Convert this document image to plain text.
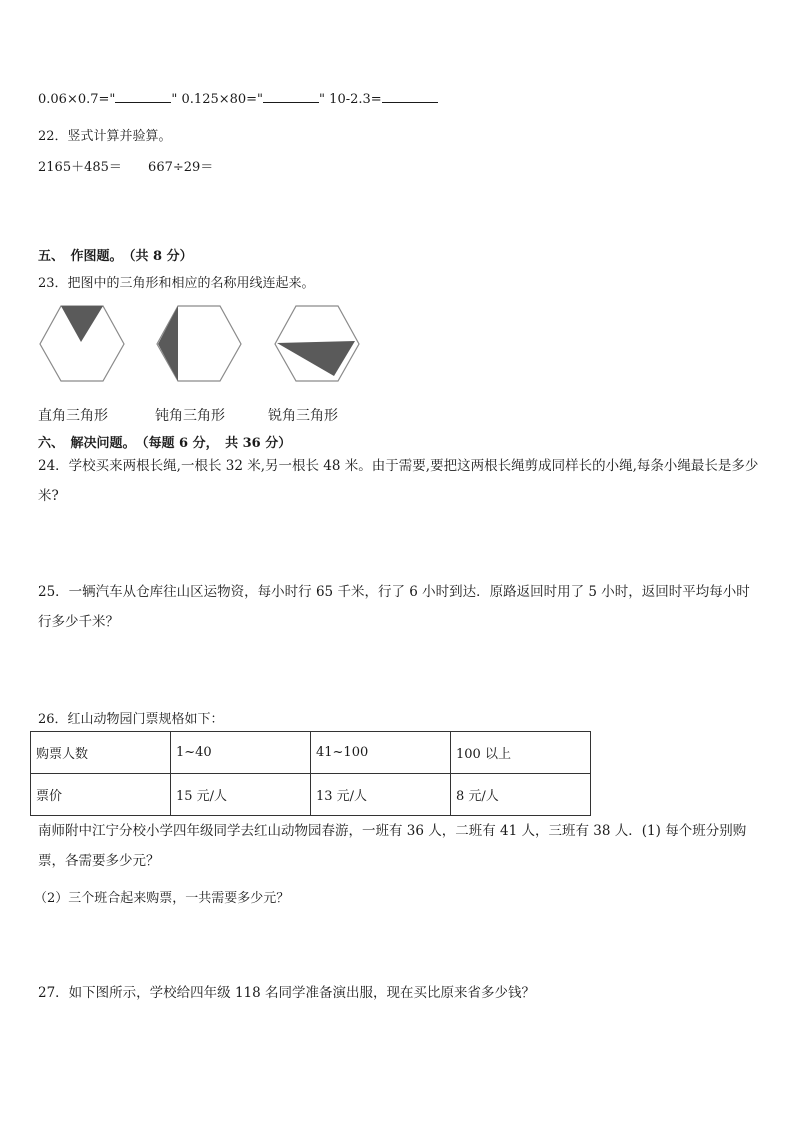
0.06×0.7="	" 0.125×80="	" 10-2.3=
22．竖式计算并验算。
2165＋485＝ 667÷29＝
五、　作图题。　（共 8 分）
23．把图中的三角形和相应的名称用线连起来。
直角三角形	钝角三角形	锐角三角形
六、　解决问题。　（每题 6 分，　共 36 分）
24．学校买来两根长绳,一根长 32 米,另一根长 48 米。由于需要,要把这两根长绳剪成同样长的小绳,每条小绳最长是多少米?
25．一辆汽车从仓库往山区运物资，每小时行 65 千米，行了 6 小时到达．原路返回时用了 5 小时，返回时平均每小时行多少千米？
26．红山动物园门票规格如下：
购票人数	1~40	41~100	100 以上
票价	15 元/人	13 元/人	8 元/人
南师附中江宁分校小学四年级同学去红山动物园春游，一班有 36 人，二班有 41 人，三班有 38 人．(1) 每个班分别购票，各需要多少元？
（2）三个班合起来购票，一共需要多少元？
27．如下图所示，学校给四年级 118 名同学准备演出服，现在买比原来省多少钱？
